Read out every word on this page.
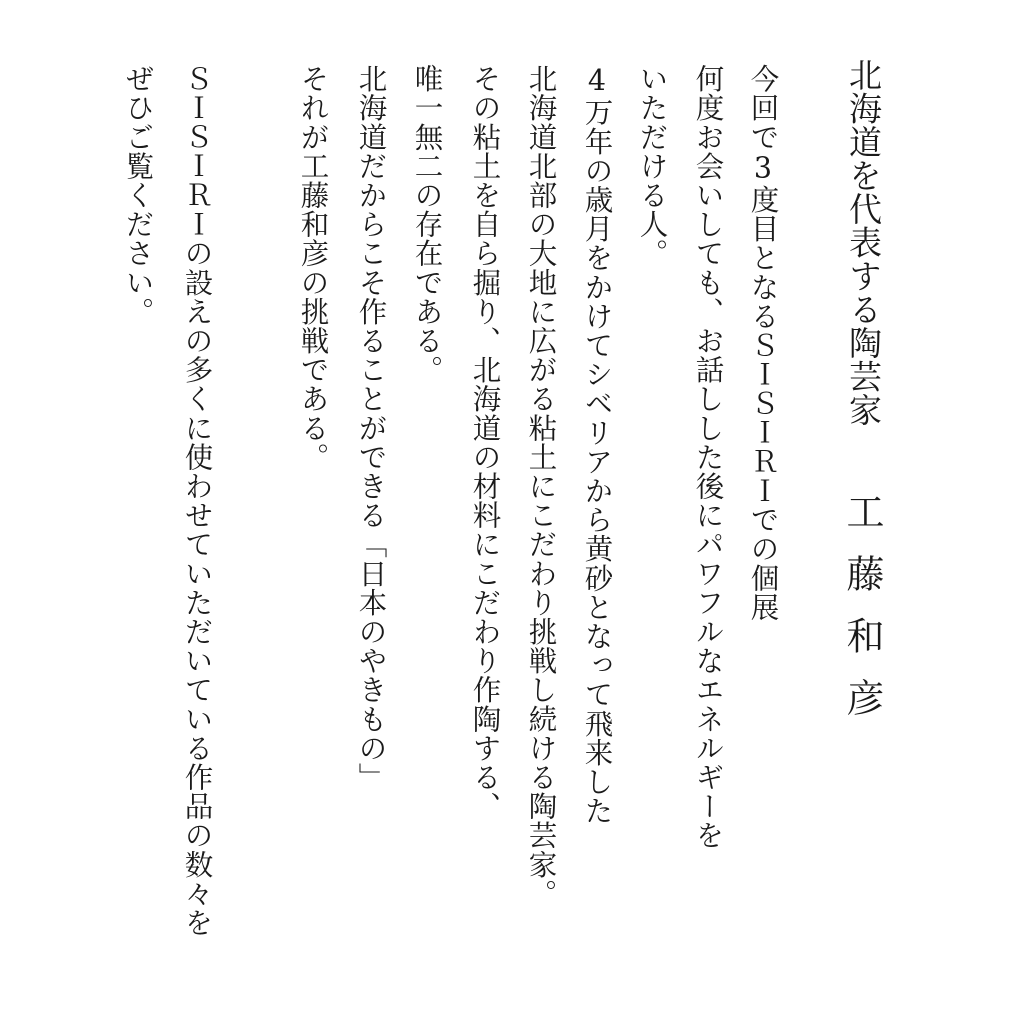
北海道を代表する陶芸家

工藤和彦

今回で3度目となるＳＩＳＩＲＩでの個展

何度お会いしても、お話しした後にパワフルなエネルギーを

いただける人。

4万年の歳月をかけてシベリアから黄砂となって飛来した

北海道北部の大地に広がる粘土にこだわり挑戦し続ける陶芸家。

その粘土を自ら掘り、北海道の材料にこだわり作陶する、

唯一無二の存在である。

北海道だからこそ作ることができる「日本のやきもの」

それが工藤和彦の挑戦である。

ＳＩＳＩＲＩの設えの多くに使わせていただいている作品の数々を

ぜひご覧ください。
